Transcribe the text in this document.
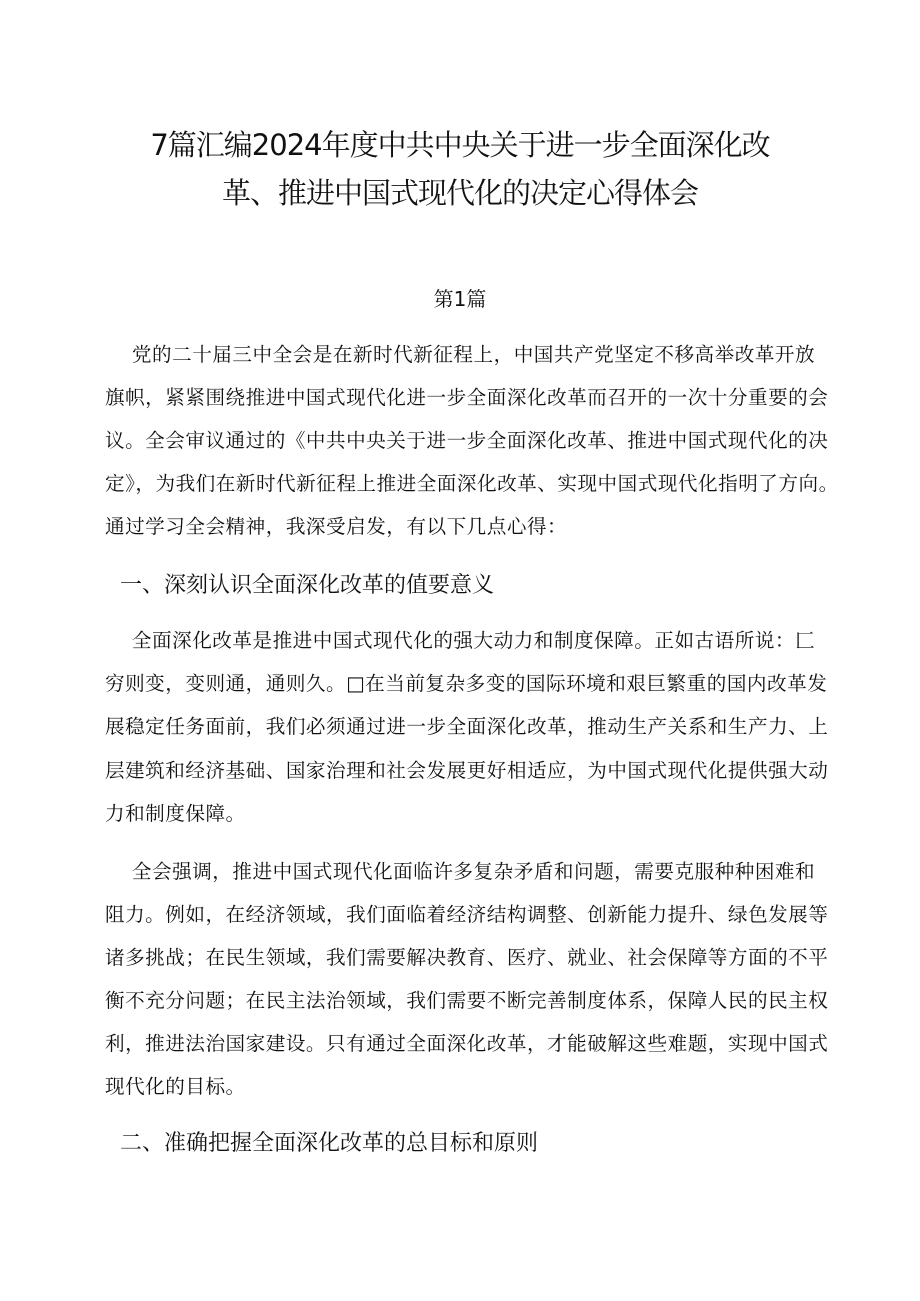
7篇汇编2024年度中共中央关于进一步全面深化改
革、推进中国式现代化的决定心得体会
第1篇
党的二十届三中全会是在新时代新征程上，中国共产党坚定不移高举改革开放
旗帜，紧紧围绕推进中国式现代化进一步全面深化改革而召开的一次十分重要的会
议。全会审议通过的《中共中央关于进一步全面深化改革、推进中国式现代化的决
定》，为我们在新时代新征程上推进全面深化改革、实现中国式现代化指明了方向。
通过学习全会精神，我深受启发，有以下几点心得：
一、深刻认识全面深化改革的值要意义
全面深化改革是推进中国式现代化的强大动力和制度保障。正如古语所说：匚
穷则变，变则通，通则久。□在当前复杂多变的国际环境和艰巨繁重的国内改革发
展稳定任务面前，我们必须通过进一步全面深化改革，推动生产关系和生产力、上
层建筑和经济基础、国家治理和社会发展更好相适应，为中国式现代化提供强大动
力和制度保障。
全会强调，推进中国式现代化面临许多复杂矛盾和问题，需要克服种种困难和
阻力。例如，在经济领域，我们面临着经济结构调整、创新能力提升、绿色发展等
诸多挑战；在民生领域，我们需要解决教育、医疗、就业、社会保障等方面的不平
衡不充分问题；在民主法治领域，我们需要不断完善制度体系，保障人民的民主权
利，推进法治国家建设。只有通过全面深化改革，才能破解这些难题，实现中国式
现代化的目标。
二、准确把握全面深化改革的总目标和原则
